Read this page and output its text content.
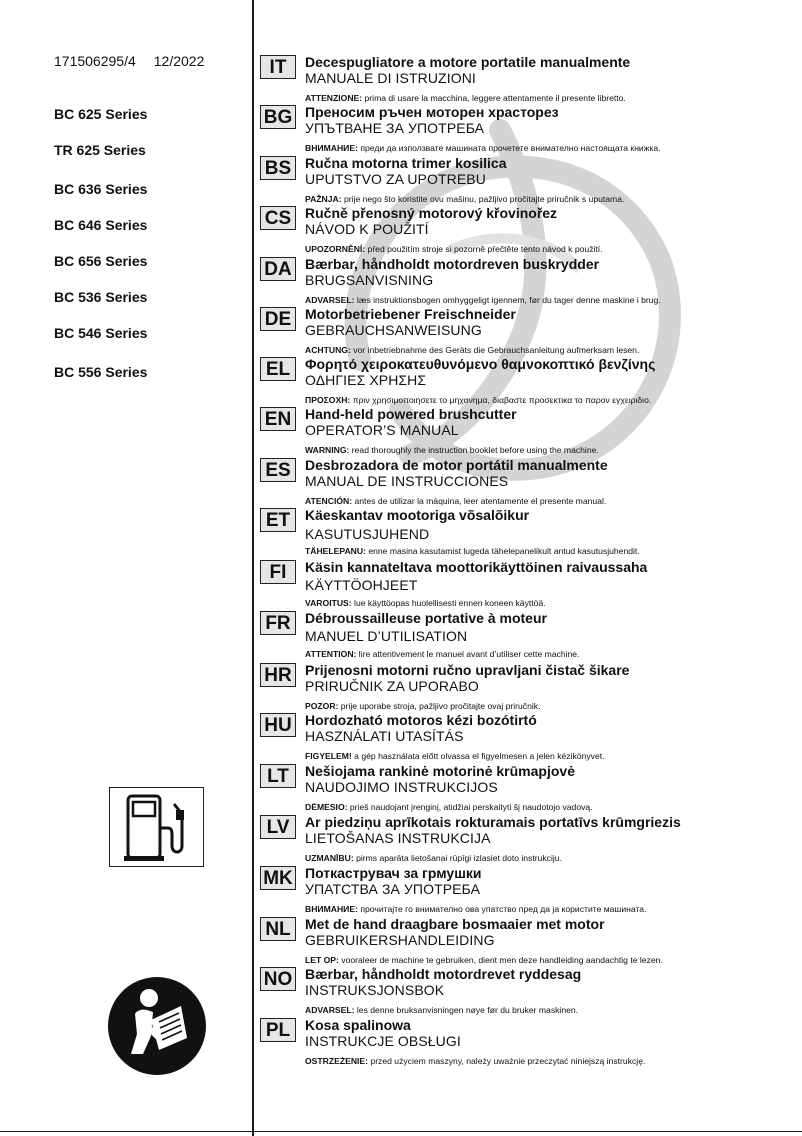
171506295/4 12/2022
BC 625 Series
TR 625 Series
BC 636 Series
BC 646 Series
BC 656 Series
BC 536 Series
BC 546 Series
BC 556 Series
IT	Decespugliatore a motore portatile manualmente
MANUALE DI ISTRUZIONI
ATTENZIONE: prima di usare la macchina, leggere attentamente il presente libretto.
BG Преносим ръчен моторен храсторез
УПЪТВАНЕ ЗА УПОТРЕБА
ВНИМАНИЕ: преди да използвате машината прочетете внимателно настоящата книжка.
BS Ručna motorna trimer kosilica
UPUTSTVO ZA UPOTREBU
PAŽNJA: prije nego što koristite ovu mašinu, pažljivo pročitajte priručnik s uputama.
CS Ručně přenosný motorový křovinořez
NÁVOD K POUŽITÍ
UPOZORNĚNÍ: před použitím stroje si pozorně přečtěte tento návod k použití.
DA Bærbar, håndholdt motordreven buskrydder
BRUGSANVISNING
ADVARSEL: læs instruktionsbogen omhyggeligt igennem, før du tager denne maskine i brug.
DE Motorbetriebener Freischneider
GEBRAUCHSANWEISUNG
ACHTUNG: vor inbetriebnahme des Geräts die Gebrauchsanleitung aufmerksam lesen.
EL	Φορητό χειροκατευθυνόμενο θαμνοκοπτικό βενζίνης
ΟΔΗΓΙΕΣ ΧΡΗΣΗΣ
ΠΡΟΣΟΧΗ: πριν χρησιμοποιησετε το μηχανημα, διαβαστε προσεκτικα το παρον εγχειριδιο.
EN Hand-held powered brushcutter
OPERATOR’S MANUAL
WARNING: read thoroughly the instruction booklet before using the machine.
ES	Desbrozadora de motor portátil manualmente
MANUAL DE INSTRUCCIONES
ATENCIÓN: antes de utilizar la máquina, leer atentamente el presente manual.
ET	Käeskantav mootoriga võsalõikur
KASUTUSJUHEND
TÄHELEPANU: enne masina kasutamist lugeda tähelepanelikult antud kasutusjuhendit.
FI	Käsin kannateltava moottorikäyttöinen raivaussaha
KÄYTTÖOHJEET
VAROITUS: lue käyttöopas huolellisesti ennen koneen käyttöä.
FR	Débroussailleuse portative à moteur
MANUEL D’UTILISATION
ATTENTION: lire attentivement le manuel avant d’utiliser cette machine.
HR Prijenosni motorni ručno upravljani čistač šikare
PRIRUČNIK ZA UPORABO
POZOR: prije uporabe stroja, pažljivo pročitajte ovaj priručnik.
HU Hordozható motoros kézi bozótirtó
HASZNÁLATI UTASÍTÁS
FIGYELEM! a gép használata előtt olvassa el figyelmesen a jelen kézikönyvet.
LT	Nešiojama rankinė motorinė krūmapjovė
NAUDOJIMO INSTRUKCIJOS
DĖMESIO: prieš naudojant įrenginį, atidžiai perskaityti šį naudotojo vadovą.
LV	Ar piedziņu aprīkotais rokturamais portatīvs krūmgriezis
LIETOŠANAS INSTRUKCIJA
UZMANĪBU: pirms aparāta lietošanai rūpīgi izlasiet doto instrukciju.
MK Поткаструвач за грмушки
УПАТСТВА ЗА УПОТРЕБА
ВНИМАНИЕ: прочитајте го внимателно ова упатство пред да ја користите машината.
NL	Met de hand draagbare bosmaaier met motor
GEBRUIKERSHANDLEIDING
LET OP: vooraleer de machine te gebruiken, dient men deze handleiding aandachtig te lezen.
NO Bærbar, håndholdt motordrevet ryddesag
INSTRUKSJONSBOK
ADVARSEL: les denne bruksanvisningen nøye før du bruker maskinen.
PL	Kosa spalinowa
INSTRUKCJE OBSŁUGI
OSTRZEŻENIE: przed użyciem maszyny, należy uważnie przeczytać niniejszą instrukcję.
